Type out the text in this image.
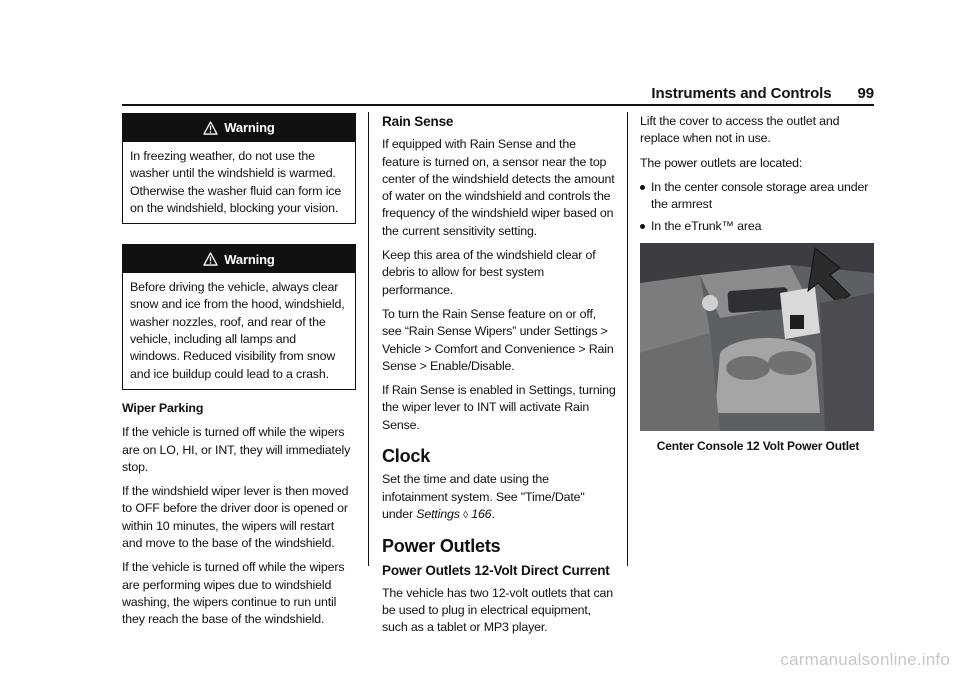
Instruments and Controls 99
Warning
In freezing weather, do not use the washer until the windshield is warmed. Otherwise the washer fluid can form ice on the windshield, blocking your vision.
Warning
Before driving the vehicle, always clear snow and ice from the hood, windshield, washer nozzles, roof, and rear of the vehicle, including all lamps and windows. Reduced visibility from snow and ice buildup could lead to a crash.

Wiper Parking

If the vehicle is turned off while the wipers are on LO, HI, or INT, they will immediately stop.

If the windshield wiper lever is then moved to OFF before the driver door is opened or within 10 minutes, the wipers will restart and move to the base of the windshield.

If the vehicle is turned off while the wipers are performing wipes due to windshield washing, the wipers continue to run until they reach the base of the windshield.

Rain Sense

If equipped with Rain Sense and the feature is turned on, a sensor near the top center of the windshield detects the amount of water on the windshield and controls the frequency of the windshield wiper based on the current sensitivity setting.

Keep this area of the windshield clear of debris to allow for best system performance.

To turn the Rain Sense feature on or off, see “Rain Sense Wipers” under Settings > Vehicle > Comfort and Convenience > Rain Sense > Enable/Disable.

If Rain Sense is enabled in Settings, turning the wiper lever to INT will activate Rain Sense.

Clock

Set the time and date using the infotainment system. See "Time/Date" under Settings ◊ 166.

Power Outlets
Power Outlets 12-Volt Direct Current

The vehicle has two 12-volt outlets that can be used to plug in electrical equipment, such as a tablet or MP3 player.

Lift the cover to access the outlet and replace when not in use.

The power outlets are located:

In the center console storage area under the armrest
In the eTrunk™ area
Center Console 12 Volt Power Outlet
carmanualsonline.info
